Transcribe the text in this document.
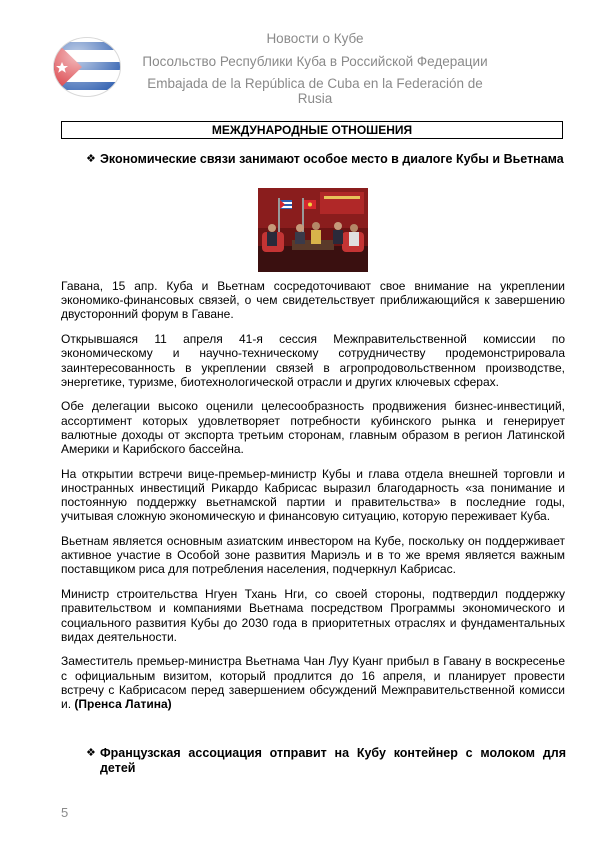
Новости о Кубе
Посольство Республики Куба в Российской Федерации
Embajada de la República de Cuba en la Federación de Rusia
МЕЖДУНАРОДНЫЕ ОТНОШЕНИЯ
❖ Экономические связи занимают особое место в диалоге Кубы и Вьетнама

Гавана, 15 апр. Куба и Вьетнам сосредоточивают свое внимание на укреплении экономико-финансовых связей, о чем свидетельствует приближающийся к завершению двусторонний форум в Гаване.

Открывшаяся 11 апреля 41-я сессия Межправительственной комиссии по экономическому и научно-техническому сотрудничеству продемонстрировала заинтересованность в укреплении связей в агропродовольственном производстве, энергетике, туризме, биотехнологической отрасли и других ключевых сферах.

Обе делегации высоко оценили целесообразность продвижения бизнес-инвестиций, ассортимент которых удовлетворяет потребности кубинского рынка и генерирует валютные доходы от экспорта третьим сторонам, главным образом в регион Латинской Америки и Карибского бассейна.

На открытии встречи вице-премьер-министр Кубы и глава отдела внешней торговли и иностранных инвестиций Рикардо Кабрисас выразил благодарность «за понимание и постоянную поддержку вьетнамской партии и правительства» в последние годы, учитывая сложную экономическую и финансовую ситуацию, которую переживает Куба.

Вьетнам является основным азиатским инвестором на Кубе, поскольку он поддерживает активное участие в Особой зоне развития Мариэль и в то же время является важным поставщиком риса для потребления населения, подчеркнул Кабрисас.

Министр строительства Нгуен Тхань Нги, со своей стороны, подтвердил поддержку правительством и компаниями Вьетнама посредством Программы экономического и социального развития Кубы до 2030 года в приоритетных отраслях и фундаментальных видах деятельности.

Заместитель премьер-министра Вьетнама Чан Луу Куанг прибыл в Гавану в воскресенье с официальным визитом, который продлится до 16 апреля, и планирует провести встречу с Кабрисасом перед завершением обсуждений Межправительственной комисси и. (Пренса Латина)

❖ Французская ассоциация отправит на Кубу контейнер с молоком для детей
5
